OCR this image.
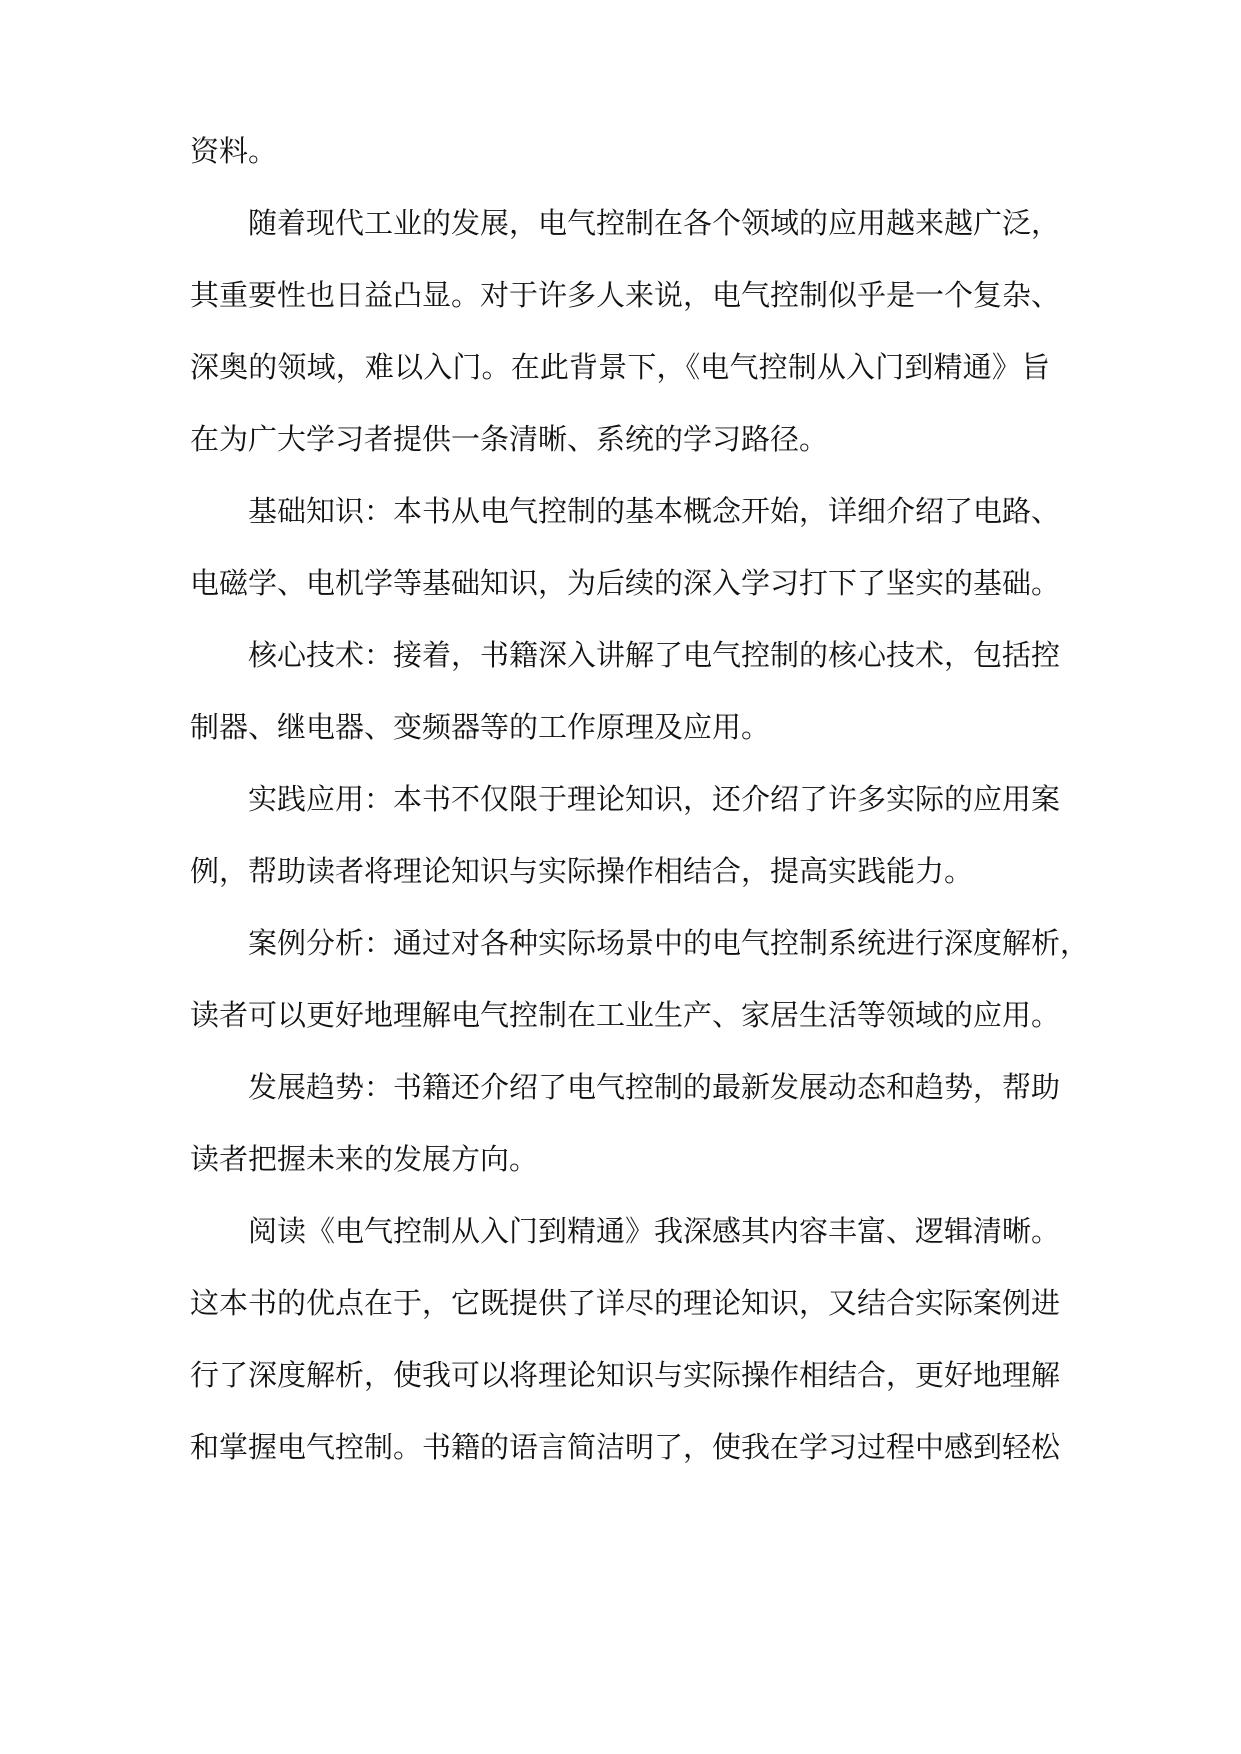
资料。

随着现代工业的发展，电气控制在各个领域的应用越来越广泛，

其重要性也日益凸显。对于许多人来说，电气控制似乎是一个复杂、

深奥的领域，难以入门。在此背景下，《电气控制从入门到精通》旨

在为广大学习者提供一条清晰、系统的学习路径。

基础知识：本书从电气控制的基本概念开始，详细介绍了电路、

电磁学、电机学等基础知识，为后续的深入学习打下了坚实的基础。

核心技术：接着，书籍深入讲解了电气控制的核心技术，包括控

制器、继电器、变频器等的工作原理及应用。

实践应用：本书不仅限于理论知识，还介绍了许多实际的应用案

例，帮助读者将理论知识与实际操作相结合，提高实践能力。

案例分析：通过对各种实际场景中的电气控制系统进行深度解析，

读者可以更好地理解电气控制在工业生产、家居生活等领域的应用。

发展趋势：书籍还介绍了电气控制的最新发展动态和趋势，帮助

读者把握未来的发展方向。

阅读《电气控制从入门到精通》我深感其内容丰富、逻辑清晰。

这本书的优点在于，它既提供了详尽的理论知识，又结合实际案例进

行了深度解析，使我可以将理论知识与实际操作相结合，更好地理解

和掌握电气控制。书籍的语言简洁明了，使我在学习过程中感到轻松
